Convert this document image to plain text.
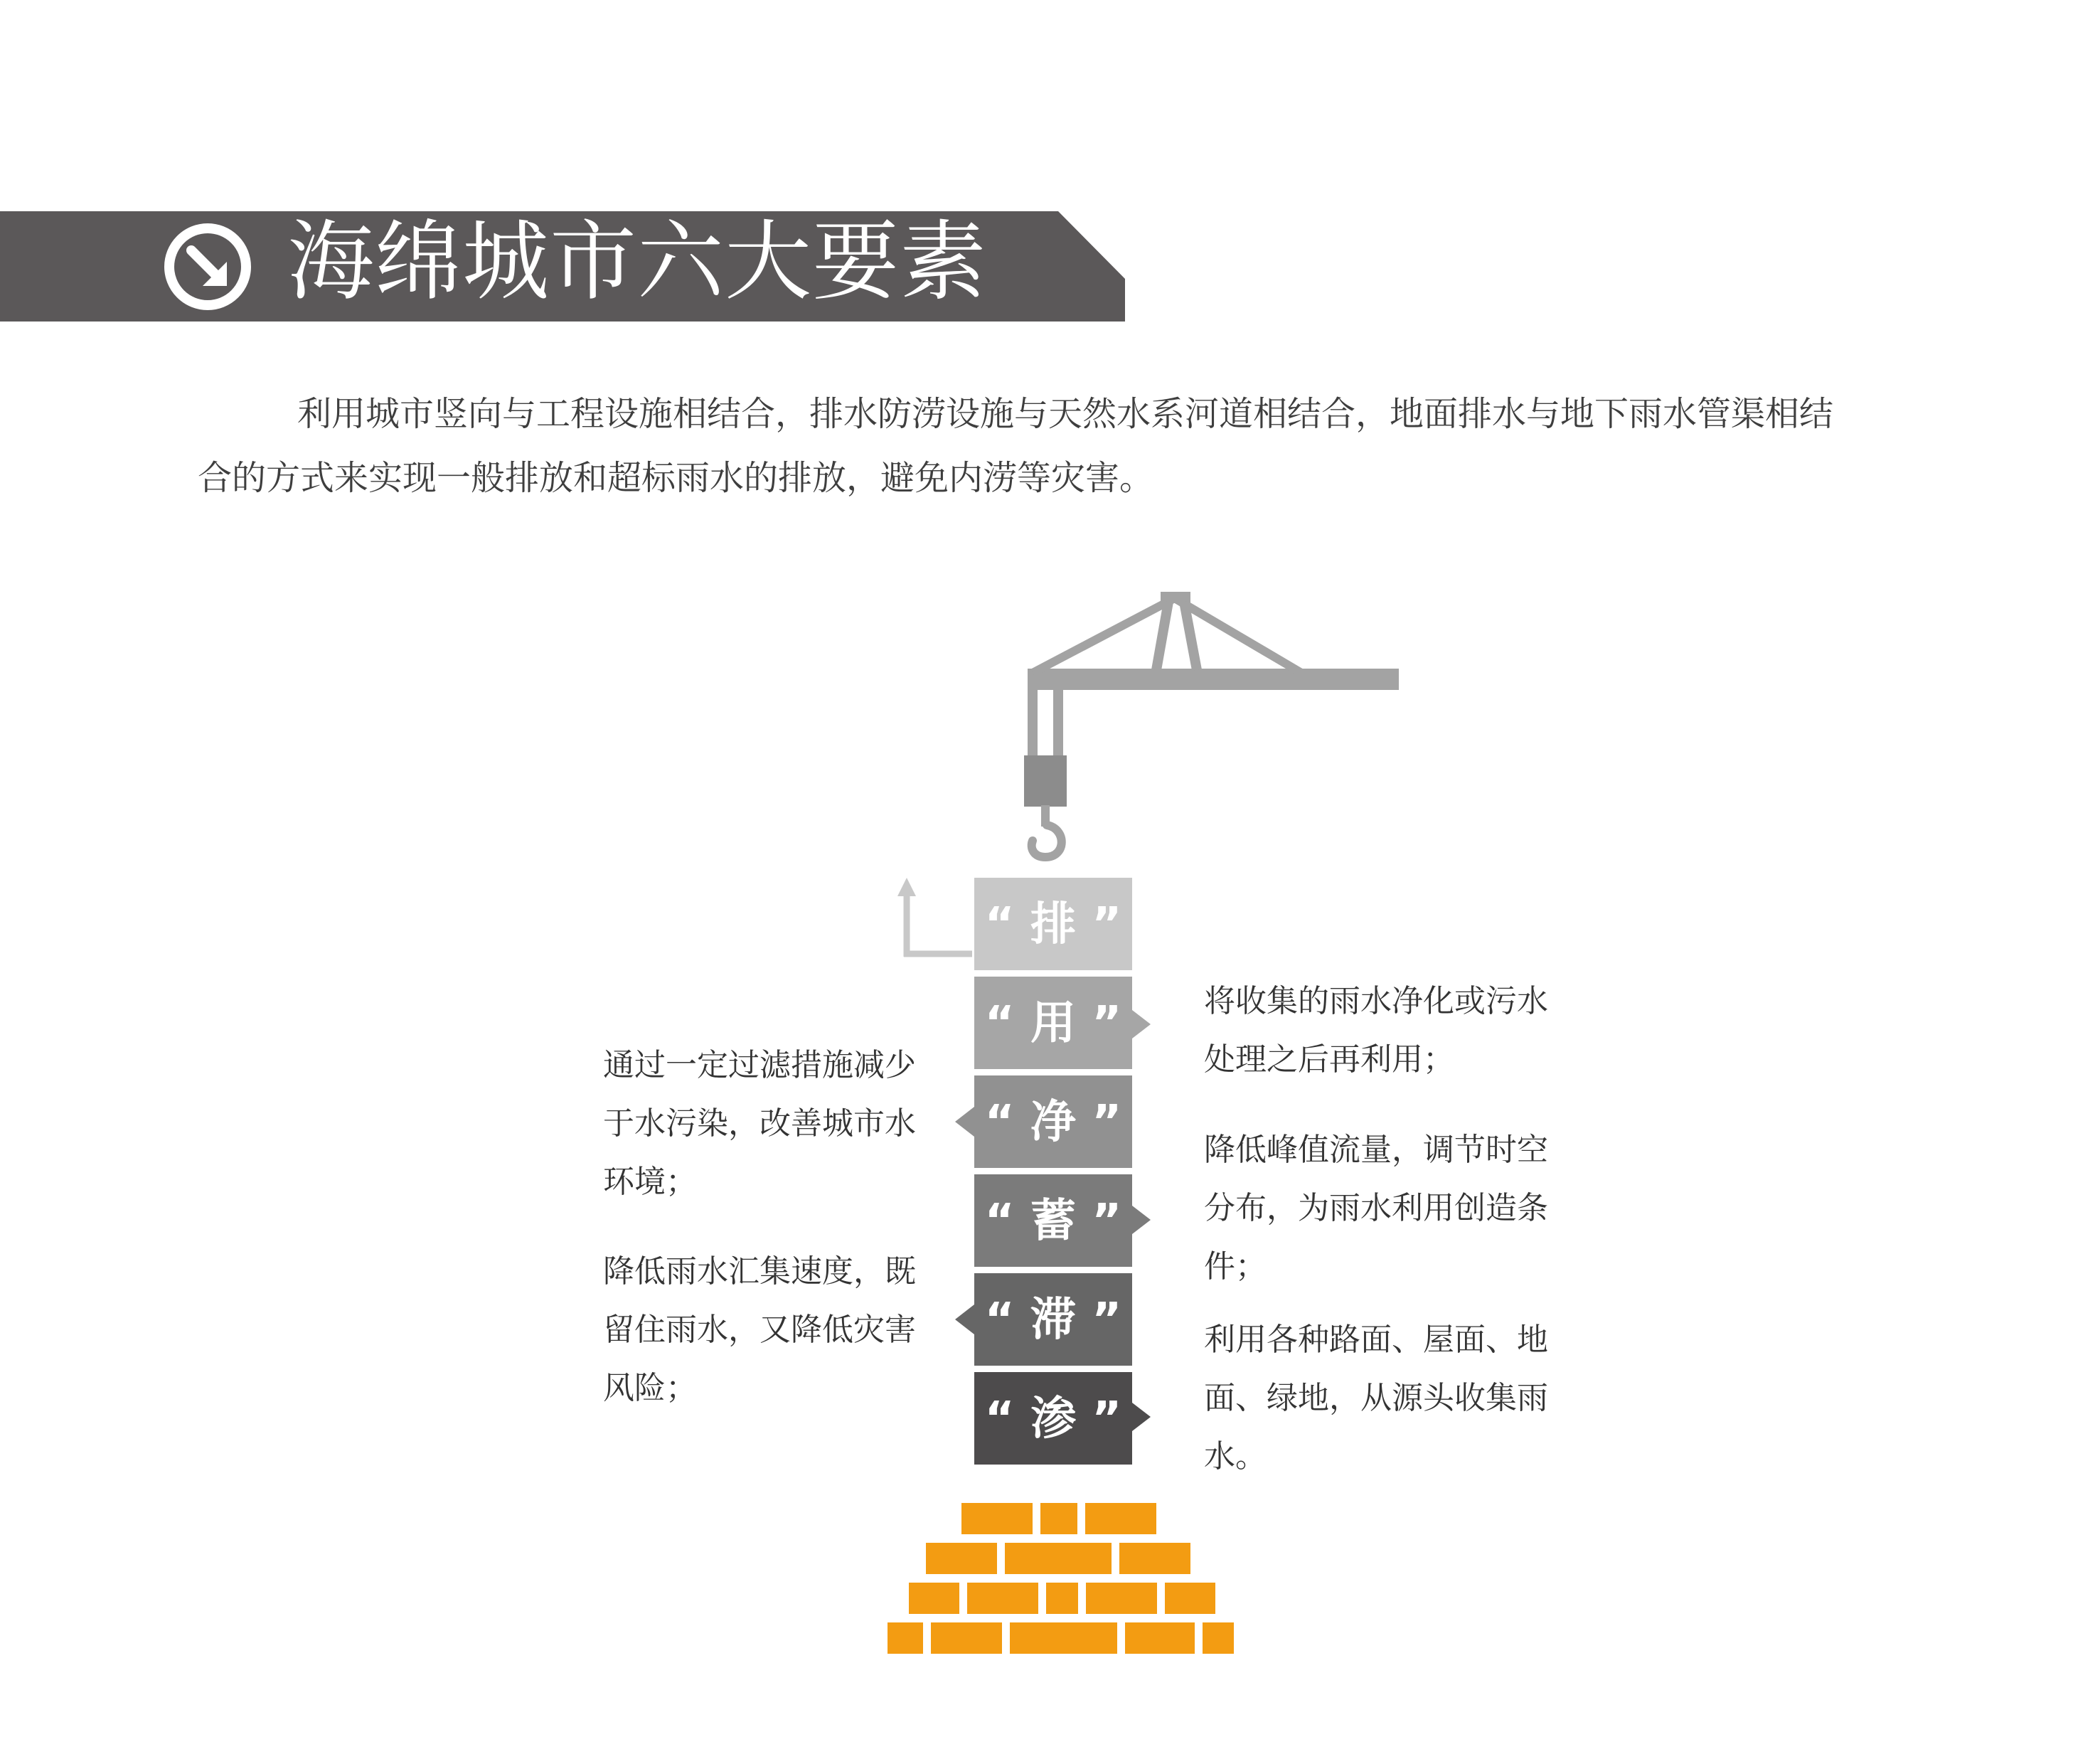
海绵城市六大要素

利用城市竖向与工程设施相结合，排水防涝设施与天然水系河道相结合，地面排水与地下雨水管渠相结合的方式来实现一般排放和超标雨水的排放，避免内涝等灾害。

“ 排 ”
“ 用 ”
“ 净 ”
“ 蓄 ”
“ 滞 ”
“ 渗 ”

通过一定过滤措施减少于水污染，改善城市水环境；

降低雨水汇集速度，既留住雨水，又降低灾害风险；

将收集的雨水净化或污水处理之后再利用；

降低峰值流量，调节时空分布，为雨水利用创造条件；

利用各种路面、屋面、地面、绿地，从源头收集雨水。
